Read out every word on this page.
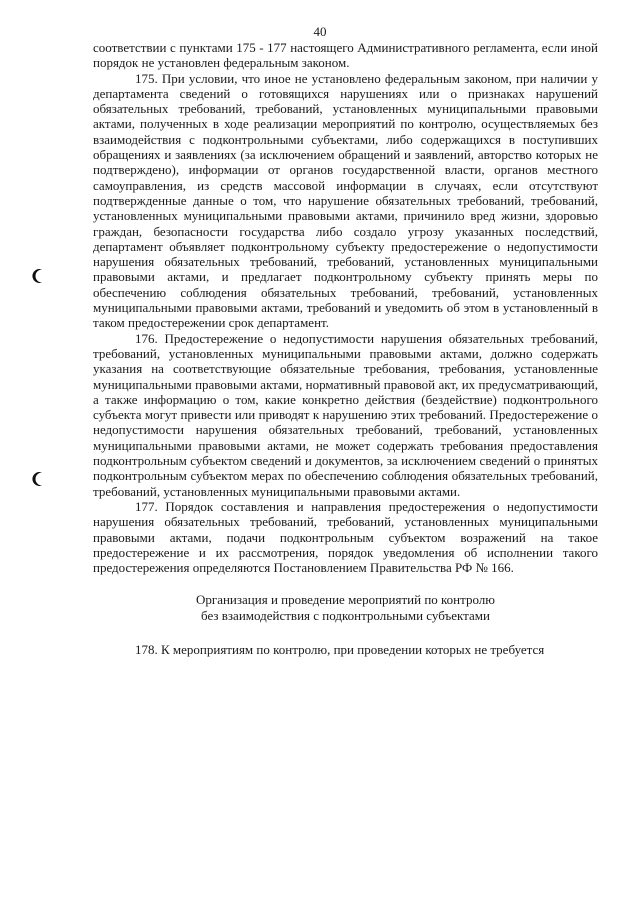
40

соответствии с пунктами 175 - 177 настоящего Административного регламента, если иной порядок не установлен федеральным законом.

175. При условии, что иное не установлено федеральным законом, при наличии у департамента сведений о готовящихся нарушениях или о признаках нарушений обязательных требований, требований, установленных муниципальными правовыми актами, полученных в ходе реализации мероприятий по контролю, осуществляемых без взаимодействия с подконтрольными субъектами, либо содержащихся в поступивших обращениях и заявлениях (за исключением обращений и заявлений, авторство которых не подтверждено), информации от органов государственной власти, органов местного самоуправления, из средств массовой информации в случаях, если отсутствуют подтвержденные данные о том, что нарушение обязательных требований, требований, установленных муниципальными правовыми актами, причинило вред жизни, здоровью граждан, безопасности государства либо создало угрозу указанных последствий, департамент объявляет подконтрольному субъекту предостережение о недопустимости нарушения обязательных требований, требований, установленных муниципальными правовыми актами, и предлагает подконтрольному субъекту принять меры по обеспечению соблюдения обязательных требований, требований, установленных муниципальными правовыми актами, требований и уведомить об этом в установленный в таком предостережении срок департамент.

176. Предостережение о недопустимости нарушения обязательных требований, требований, установленных муниципальными правовыми актами, должно содержать указания на соответствующие обязательные требования, требования, установленные муниципальными правовыми актами, нормативный правовой акт, их предусматривающий, а также информацию о том, какие конкретно действия (бездействие) подконтрольного субъекта могут привести или приводят к нарушению этих требований. Предостережение о недопустимости нарушения обязательных требований, требований, установленных муниципальными правовыми актами, не может содержать требования предоставления подконтрольным субъектом сведений и документов, за исключением сведений о принятых подконтрольным субъектом мерах по обеспечению соблюдения обязательных требований, требований, установленных муниципальными правовыми актами.

177. Порядок составления и направления предостережения о недопустимости нарушения обязательных требований, требований, установленных муниципальными правовыми актами, подачи подконтрольным субъектом возражений на такое предостережение и их рассмотрения, порядок уведомления об исполнении такого предостережения определяются Постановлением Правительства РФ № 166.

Организация и проведение мероприятий по контролю
без взаимодействия с подконтрольными субъектами

178. К мероприятиям по контролю, при проведении которых не требуется
